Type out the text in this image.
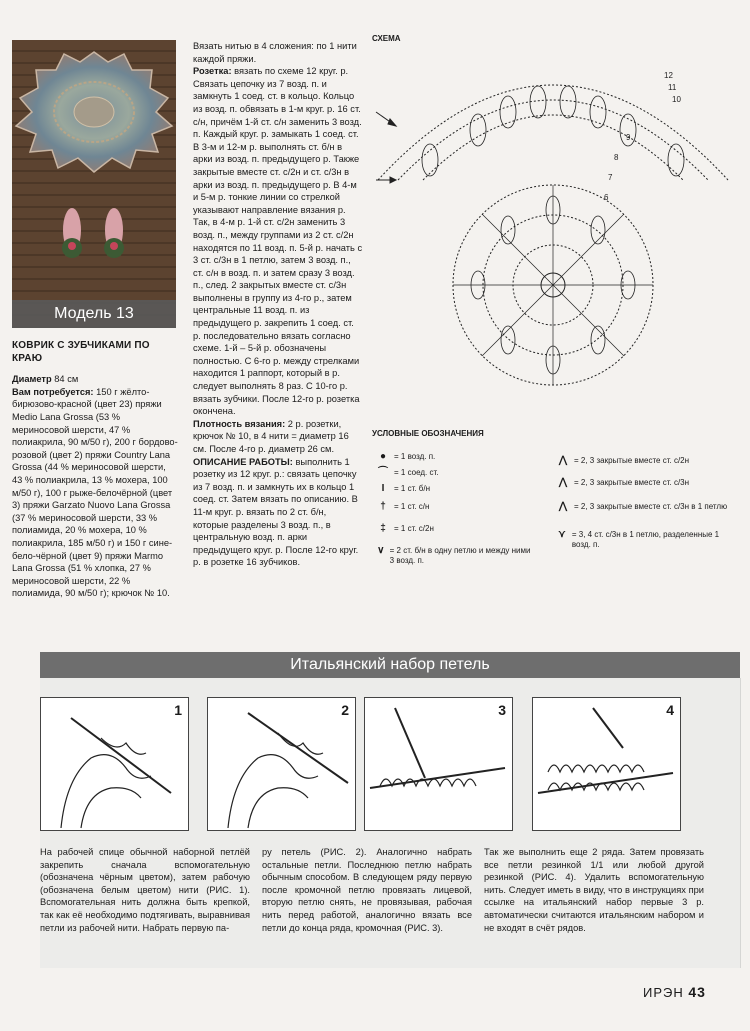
Модель 13
КОВРИК С ЗУБЧИКАМИ ПО КРАЮ

Диаметр 84 см

Вам потребуется: 150 г жёлто-бирюзово-красной (цвет 23) пряжи Medio Lana Grossa (53 % мериносовой шерсти, 47 % полиакрила, 90 м/50 г), 200 г бордово-розовой (цвет 2) пряжи Country Lana Grossa (44 % мериносовой шерсти, 43 % полиакрила, 13 % мохера, 100 м/50 г), 100 г рыже-белочёрной (цвет 3) пряжи Garzato Nuovo Lana Grossa (37 % мериносовой шерсти, 33 % полиамида, 20 % мохера, 10 % полиакрила, 185 м/50 г) и 150 г сине-бело-чёрной (цвет 9) пряжи Marmo Lana Grossa (51 % хлопка, 27 % мериносовой шерсти, 22 % полиамида, 90 м/50 г); крючок № 10.

Вязать нитью в 4 сложения: по 1 нити каждой пряжи.

Розетка: вязать по схеме 12 круг. р. Связать цепочку из 7 возд. п. и замкнуть 1 соед. ст. в кольцо. Кольцо из возд. п. обвязать в 1-м круг. р. 16 ст. с/н, причём 1-й ст. с/н заменить 3 возд. п. Каждый круг. р. замыкать 1 соед. ст. В 3-м и 12-м р. выполнять ст. б/н в арки из возд. п. предыдущего р. Также закрытые вместе ст. с/2н и ст. с/3н в арки из возд. п. предыдущего р. В 4-м и 5-м р. тонкие линии со стрелкой указывают направление вязания р. Так, в 4-м р. 1-й ст. с/2н заменить 3 возд. п., между группами из 2 ст. с/2н находятся по 11 возд. п. 5-й р. начать с 3 ст. с/3н в 1 петлю, затем 3 возд. п., ст. с/н в возд. п. и затем сразу 3 возд. п., след. 2 закрытых вместе ст. с/3н выполнены в группу из 4-го р., затем центральные 11 возд. п. из предыдущего р. закрепить 1 соед. ст. р. последовательно вязать согласно схеме. 1-й – 5-й р. обозначены полностью. С 6-го р. между стрелками находится 1 раппорт, который в р. следует выполнять 8 раз. С 10-го р. вязать зубчики. После 12-го р. розетка окончена.

Плотность вязания: 2 р. розетки, крючок № 10, в 4 нити = диаметр 16 см. После 4-го р. диаметр 26 см.

ОПИСАНИЕ РАБОТЫ: выполнить 1 розетку из 12 круг. р.: связать цепочку из 7 возд. п. и замкнуть их в кольцо 1 соед. ст. Затем вязать по описанию. В 11-м круг. р. вязать по 2 ст. б/н, которые разделены 3 возд. п., в центральную возд. п. арки предыдущего круг. р. После 12-го круг. р. в розетке 16 зубчиков.

СХЕМА
12
11
10
9
8
7
6
УСЛОВНЫЕ ОБОЗНАЧЕНИЯ
● = 1 возд. п.
⌒ = 1 соед. ст.
I	= 1 ст. б/н
†	= 1 ст. с/н
‡	= 1 ст. с/2н
∨ = 2 ст. б/н в одну петлю и между ними 3 возд. п.
⋀ = 2, 3 закрытые вместе ст. с/2н
⋀ = 2, 3 закрытые вместе ст. с/3н
⋀ = 2, 3 закрытые вместе ст. с/3н в 1 петлю
⋎ = 3, 4 ст. с/3н в 1 петлю, разделенные 1 возд. п.
Итальянский набор петель
1	2	3	4

На рабочей спице обычной наборной петлёй закрепить сначала вспомогательную (обозначена чёрным цветом), затем рабочую (обозначена белым цветом) нити (РИС. 1). Вспомогательная нить должна быть крепкой, так как её необходимо подтягивать, выравнивая петли из рабочей нити. Набрать первую па-

ру петель (РИС. 2). Аналогично набрать остальные петли. Последнюю петлю набрать обычным способом. В следующем ряду первую после кромочной петлю провязать лицевой, вторую петлю снять, не провязывая, рабочая нить перед работой, аналогично вязать все петли до конца ряда, кромочная (РИС. 3).

Так же выполнить еще 2 ряда. Затем провязать все петли резинкой 1/1 или любой другой резинкой (РИС. 4). Удалить вспомогательную нить. Следует иметь в виду, что в инструкциях при ссылке на итальянский набор первые 3 р. автоматически считаются итальянским набором и не входят в счёт рядов.

ИРЭН 43
